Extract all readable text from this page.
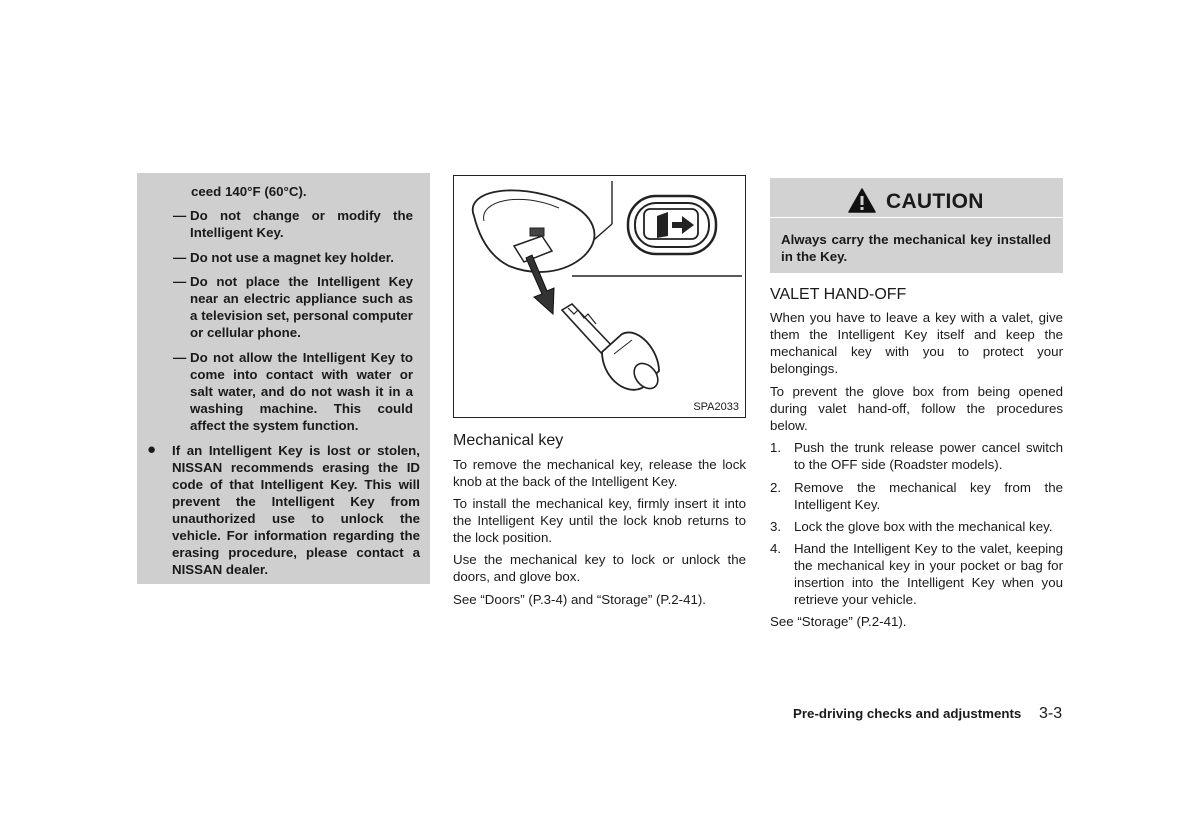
ceed 140°F (60°C).
— Do not change or modify the Intelligent Key.
— Do not use a magnet key holder.
— Do not place the Intelligent Key near an electric appliance such as a television set, personal computer or cellular phone.
— Do not allow the Intelligent Key to come into contact with water or salt water, and do not wash it in a washing machine. This could affect the system function.
●	If an Intelligent Key is lost or stolen, NISSAN recommends erasing the ID code of that Intelligent Key. This will prevent the Intelligent Key from unauthorized use to unlock the vehicle. For information regarding the erasing procedure, please contact a NISSAN dealer.
SPA2033
Mechanical key
To remove the mechanical key, release the lock knob at the back of the Intelligent Key.
To install the mechanical key, firmly insert it into the Intelligent Key until the lock knob returns to the lock position.
Use the mechanical key to lock or unlock the doors, and glove box.
See “Doors” (P.3-4) and “Storage” (P.2-41).
CAUTION
Always carry the mechanical key installed in the Key.
VALET HAND-OFF
When you have to leave a key with a valet, give them the Intelligent Key itself and keep the mechanical key with you to protect your belongings.
To prevent the glove box from being opened during valet hand-off, follow the procedures below.
1. Push the trunk release power cancel switch to the OFF side (Roadster models).
2. Remove the mechanical key from the Intelligent Key.
3. Lock the glove box with the mechanical key.
4. Hand the Intelligent Key to the valet, keeping the mechanical key in your pocket or bag for insertion into the Intelligent Key when you retrieve your vehicle.
See “Storage” (P.2-41).
Pre-driving checks and adjustments 3-3
